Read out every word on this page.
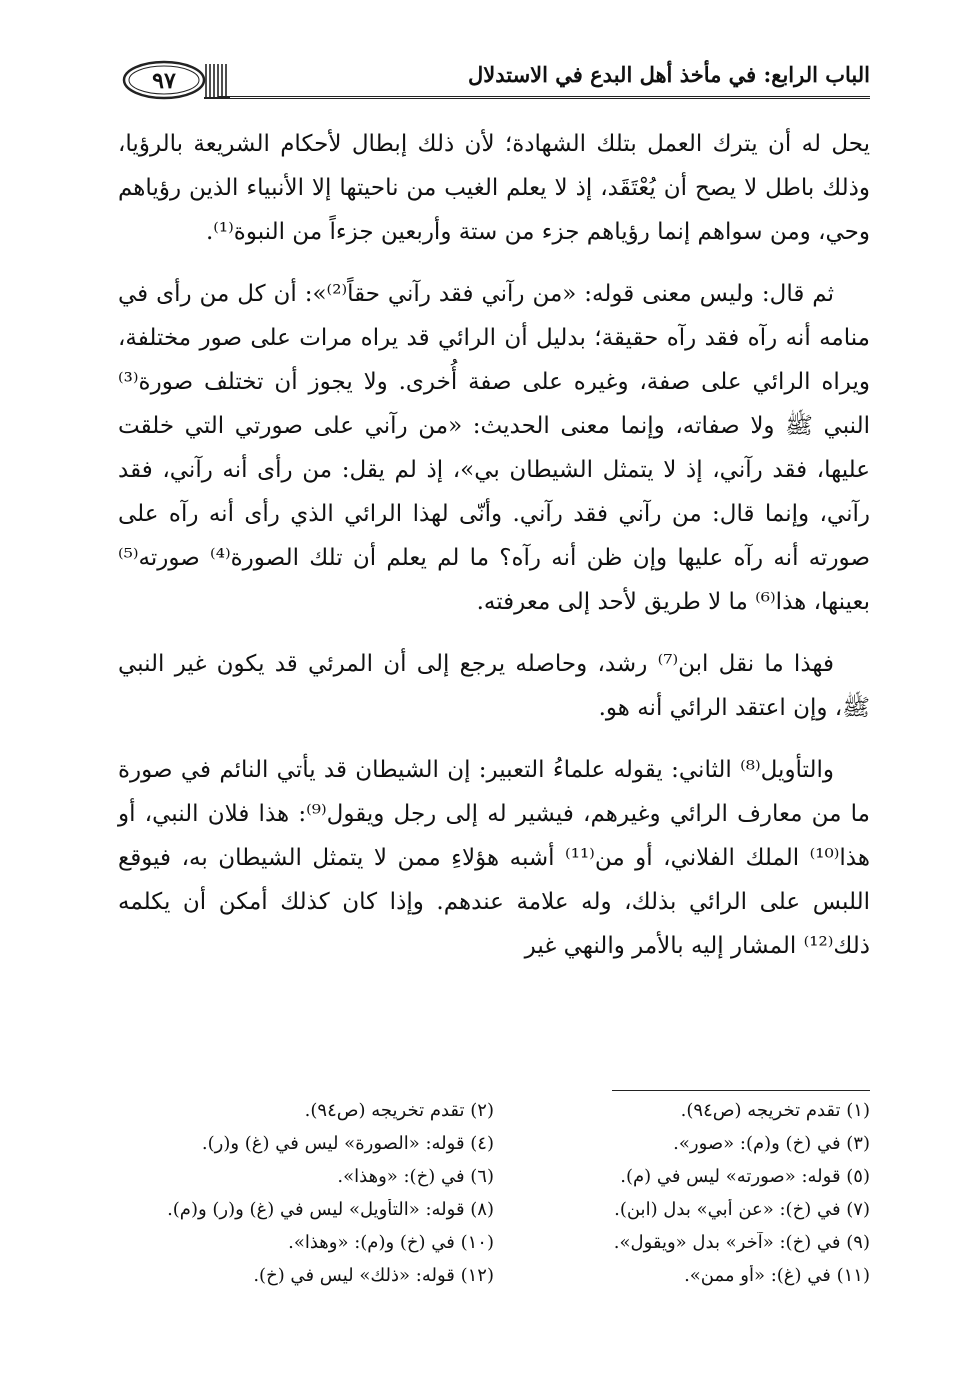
الباب الرابع: في مأخذ أهل البدع في الاستدلال
٩٧

يحل له أن يترك العمل بتلك الشهادة؛ لأن ذلك إبطال لأحكام الشريعة بالرؤيا، وذلك باطل لا يصح أن يُعْتَقَد، إذ لا يعلم الغيب من ناحيتها إلا الأنبياء الذين رؤياهم وحي، ومن سواهم إنما رؤياهم جزء من ستة وأربعين جزءاً من النبوة⁽¹⁾.

ثم قال: وليس معنى قوله: «من رآني فقد رآني حقاً⁽²⁾»: أن كل من رأى في منامه أنه رآه فقد رآه حقيقة؛ بدليل أن الرائي قد يراه مرات على صور مختلفة، ويراه الرائي على صفة، وغيره على صفة أُخرى. ولا يجوز أن تختلف صورة⁽³⁾ النبي ﷺ ولا صفاته، وإنما معنى الحديث: «من رآني على صورتي التي خلقت عليها، فقد رآني، إذ لا يتمثل الشيطان بي»، إذ لم يقل: من رأى أنه رآني، فقد رآني، وإنما قال: من رآني فقد رآني. وأنّى لهذا الرائي الذي رأى أنه رآه على صورته أنه رآه عليها وإن ظن أنه رآه؟ ما لم يعلم أن تلك الصورة⁽⁴⁾ صورته⁽⁵⁾ بعينها، هذا⁽⁶⁾ ما لا طريق لأحد إلى معرفته.

فهذا ما نقل ابن⁽⁷⁾ رشد، وحاصله يرجع إلى أن المرئي قد يكون غير النبي ﷺ، وإن اعتقد الرائي أنه هو.

والتأويل⁽⁸⁾ الثاني: يقوله علماءُ التعبير: إن الشيطان قد يأتي النائم في صورة ما من معارف الرائي وغيرهم، فيشير له إلى رجل ويقول⁽⁹⁾: هذا فلان النبي، أو هذا⁽¹⁰⁾ الملك الفلاني، أو من⁽¹¹⁾ أشبه هؤلاءِ ممن لا يتمثل الشيطان به، فيوقع اللبس على الرائي بذلك، وله علامة عندهم. وإذا كان كذلك أمكن أن يكلمه ذلك⁽¹²⁾ المشار إليه بالأمر والنهي غير

(١) تقدم تخريجه (ص٩٤).
(٢) تقدم تخريجه (ص٩٤).
(٣) في (خ) و(م): «صور».
(٤) قوله: «الصورة» ليس في (غ) و(ر).
(٥) قوله: «صورته» ليس في (م).
(٦) في (خ): «وهذا».
(٧) في (خ): «عن أبي» بدل (ابن).
(٨) قوله: «التأويل» ليس في (غ) و(ر) و(م).
(٩) في (خ): «آخر» بدل «ويقول».
(١٠) في (خ) و(م): «وهذا».
(١١) في (غ): «أو ممن».
(١٢) قوله: «ذلك» ليس في (خ).
